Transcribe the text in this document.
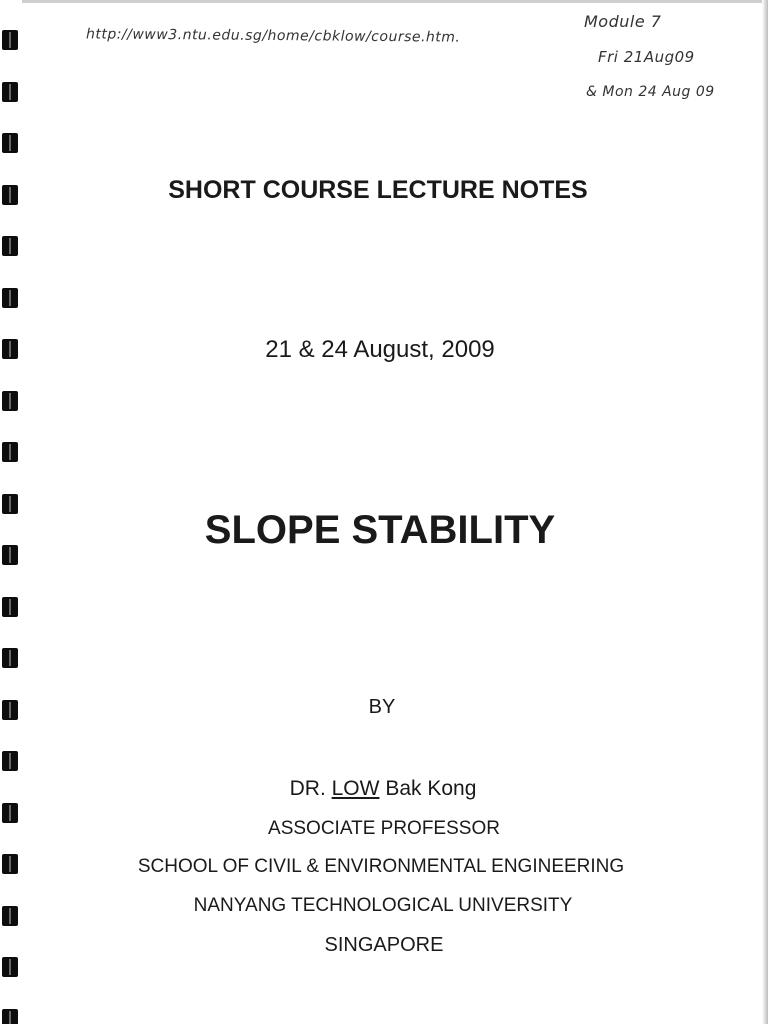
http://www3.ntu.edu.sg/home/cbklow/course.htm.
Module 7
Fri 21Aug09
& Mon 24 Aug 09
SHORT COURSE LECTURE NOTES
21 & 24 August, 2009
SLOPE STABILITY
BY
DR. LOW Bak Kong
ASSOCIATE PROFESSOR
SCHOOL OF CIVIL & ENVIRONMENTAL ENGINEERING
NANYANG TECHNOLOGICAL UNIVERSITY
SINGAPORE
